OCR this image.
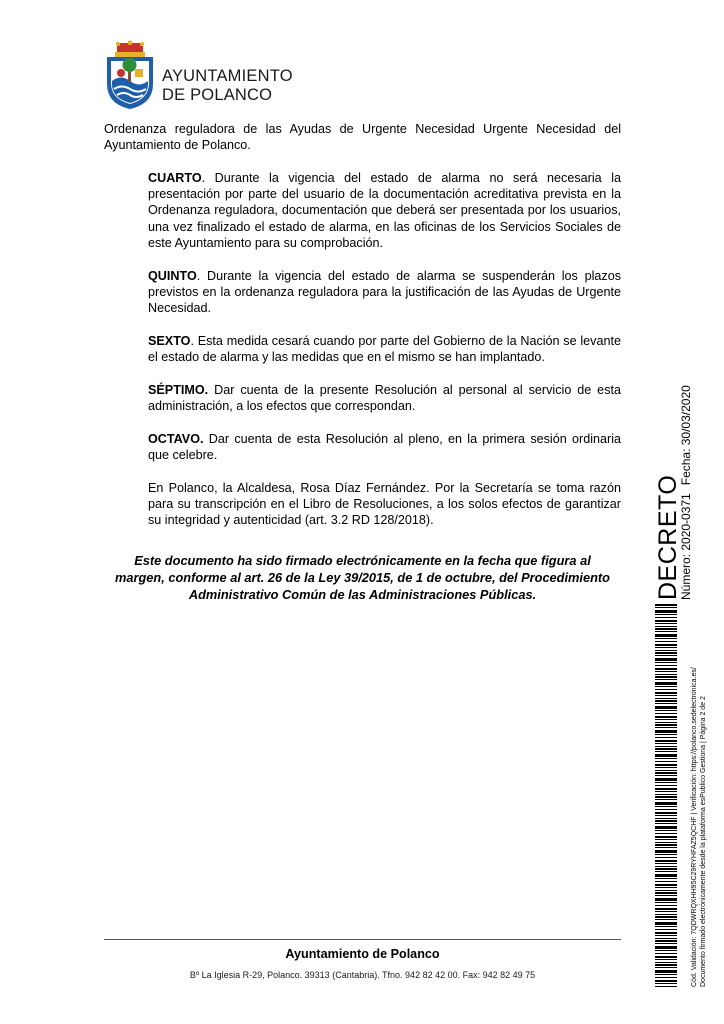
AYUNTAMIENTO
DE POLANCO

Ordenanza reguladora de las Ayudas de Urgente Necesidad Urgente Necesidad del Ayuntamiento de Polanco.

CUARTO. Durante la vigencia del estado de alarma no será necesaria la presentación por parte del usuario de la documentación acreditativa prevista en la Ordenanza reguladora, documentación que deberá ser presentada por los usuarios, una vez finalizado el estado de alarma, en las oficinas de los Servicios Sociales de este Ayuntamiento para su comprobación.

QUINTO. Durante la vigencia del estado de alarma se suspenderán los plazos previstos en la ordenanza reguladora para la justificación de las Ayudas de Urgente Necesidad.

SEXTO. Esta medida cesará cuando por parte del Gobierno de la Nación se levante el estado de alarma y las medidas que en el mismo se han implantado.

SÉPTIMO. Dar cuenta de la presente Resolución al personal al servicio de esta administración, a los efectos que correspondan.

OCTAVO. Dar cuenta de esta Resolución al pleno, en la primera sesión ordinaria que celebre.

En Polanco, la Alcaldesa, Rosa Díaz Fernández. Por la Secretaría se toma razón para su transcripción en el Libro de Resoluciones, a los solos efectos de garantizar su integridad y autenticidad (art. 3.2 RD 128/2018).

Este documento ha sido firmado electrónicamente en la fecha que figura al margen, conforme al art. 26 de la Ley 39/2015, de 1 de octubre, del Procedimiento Administrativo Común de las Administraciones Públicas.

Ayuntamiento de Polanco
Bº La Iglesia R-29, Polanco. 39313 (Cantabria). Tfno. 942 82 42 00. Fax: 942 82 49 75
DECRETO
Número: 2020-0371Fecha: 30/03/2020
Cód. Validación: 7QDWRQXHH95C29RYHFAZ5QCHF | Verificación: https://polanco.sedelectronica.es/ Documento firmado electrónicamente desde la plataforma esPublico Gestiona | Página 2 de 2
